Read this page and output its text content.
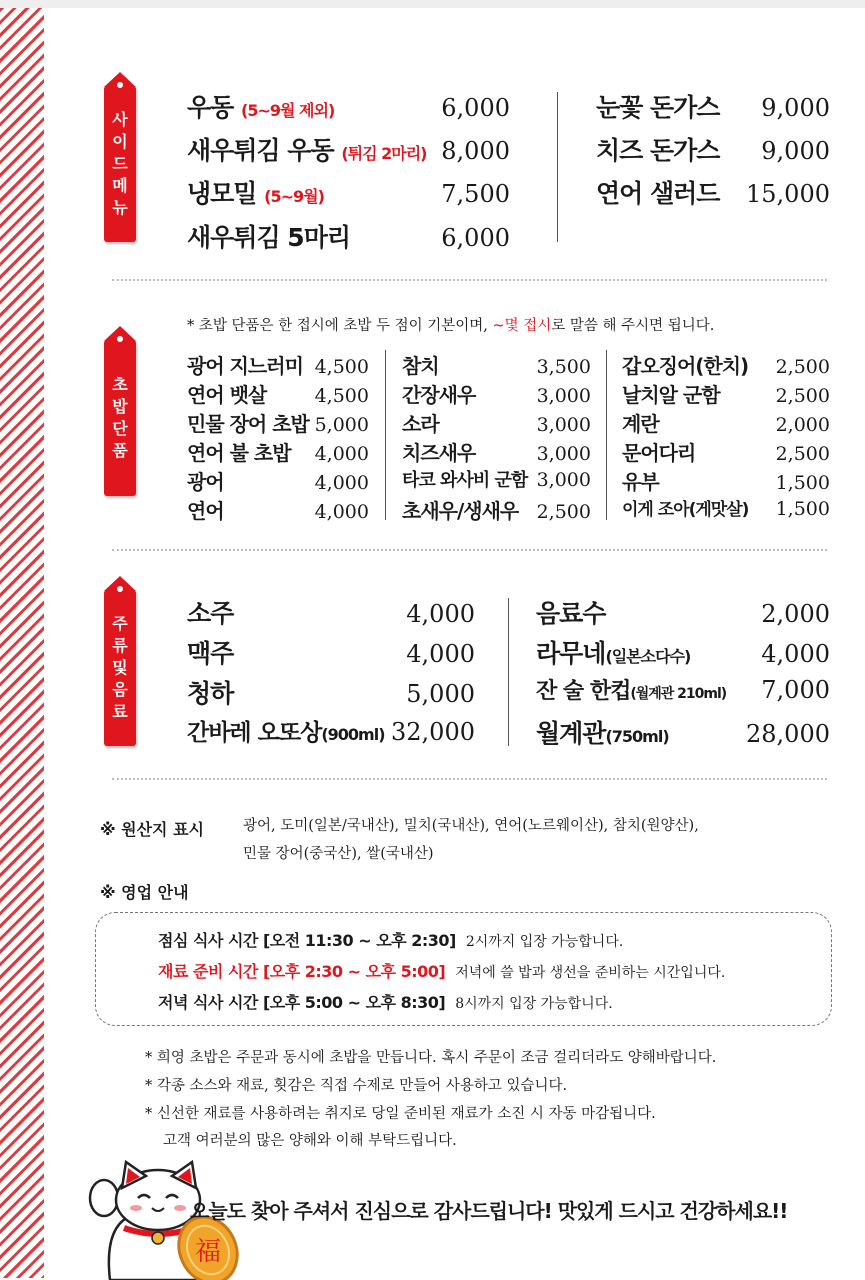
사
이
드
메
뉴
우동 (5~9월 제외)	6,000
새우튀김 우동 (튀김 2마리) 8,000
냉모밀 (5~9월)	7,500
새우튀김 5마리	6,000
눈꽃 돈가스 9,000
치즈 돈가스 9,000
연어 샐러드 15,000
* 초밥 단품은 한 접시에 초밥 두 점이 기본이며, ~몇 접시로 말씀 해 주시면 됩니다.
초
밥
단
품
광어 지느러미 4,500
연어 뱃살	4,500
민물 장어 초밥 5,000
연어 불 초밥 4,000
광어	4,000
연어	4,000
참치	3,500
간장새우	3,000
소라	3,000
치즈새우	3,000
타코 와사비 군함 3,000
초새우/생새우 2,500
갑오징어(한치) 2,500
날치알 군함	2,500
계란	2,000
문어다리	2,500
유부	1,500
이게 조아(게맛살) 1,500
주
류
및
음
료
소주	4,000
맥주	4,000
청하	5,000
간바레 오또상(900ml) 32,000
음료수	2,000
라무네(일본소다수)	4,000
잔 술 한컵(월계관 210ml) 7,000
월계관(750ml)	28,000
※ 원산지 표시	광어, 도미(일본/국내산), 밀치(국내산), 연어(노르웨이산), 참치(원양산),
민물 장어(중국산), 쌀(국내산)
※ 영업 안내
점심 식사 시간 [오전 11:30 ~ 오후 2:30] 2시까지 입장 가능합니다.
재료 준비 시간 [오후 2:30 ~ 오후 5:00] 저녁에 쓸 밥과 생선을 준비하는 시간입니다.
저녁 식사 시간 [오후 5:00 ~ 오후 8:30] 8시까지 입장 가능합니다.
* 희영 초밥은 주문과 동시에 초밥을 만듭니다. 혹시 주문이 조금 걸리더라도 양해바랍니다.
* 각종 소스와 재료, 횟감은 직접 수제로 만들어 사용하고 있습니다.
* 신선한 재료를 사용하려는 취지로 당일 준비된 재료가 소진 시 자동 마감됩니다.
고객 여러분의 많은 양해와 이해 부탁드립니다.
福
오늘도 찾아 주셔서 진심으로 감사드립니다! 맛있게 드시고 건강하세요!!
